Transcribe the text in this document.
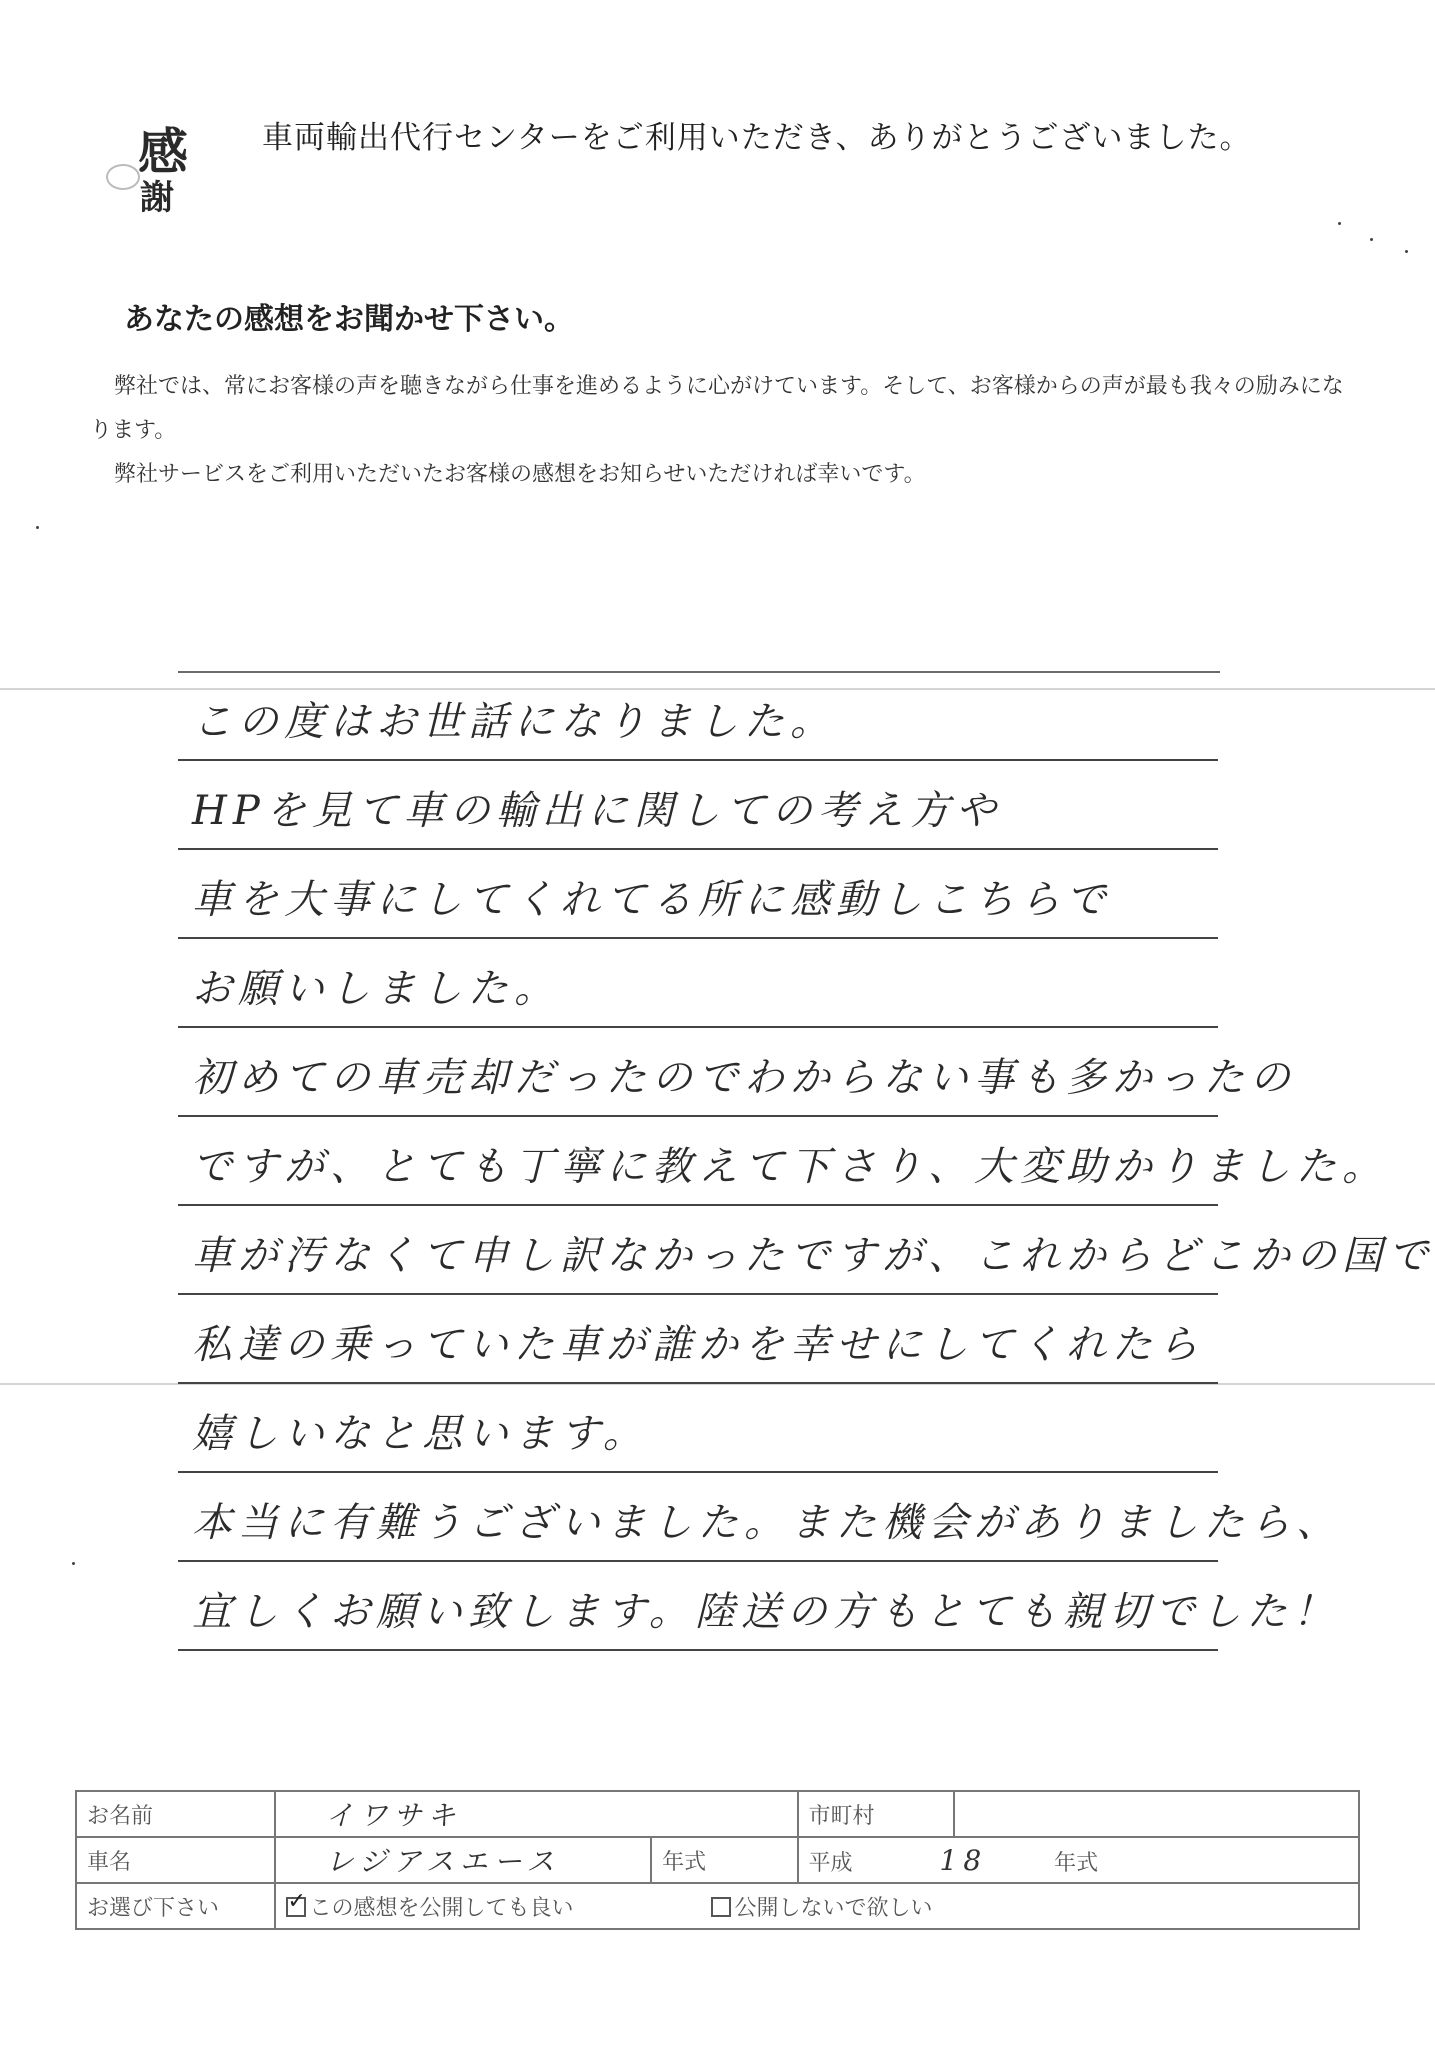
感
謝
車両輸出代行センターをご利用いただき、ありがとうございました。
あなたの感想をお聞かせ下さい。

弊社では、常にお客様の声を聴きながら仕事を進めるように心がけています。そして、お客様からの声が最も我々の励みになります。

弊社サービスをご利用いただいたお客様の感想をお知らせいただければ幸いです。

この度はお世話になりました。
HPを見て車の輸出に関しての考え方や
車を大事にしてくれてる所に感動しこちらで
お願いしました。
初めての車売却だったのでわからない事も多かったの
ですが、とても丁寧に教えて下さり、大変助かりました。
車が汚なくて申し訳なかったですが、これからどこかの国で
私達の乗っていた車が誰かを幸せにしてくれたら
嬉しいなと思います。
本当に有難うございました。また機会がありましたら、
宜しくお願い致します。陸送の方もとても親切でした！
お名前	イワサキ		市町村	
車名	レジアスエース	年式	平成 18 年式	
お選び下さい	✓この感想を公開しても良い 公開しないで欲しい
